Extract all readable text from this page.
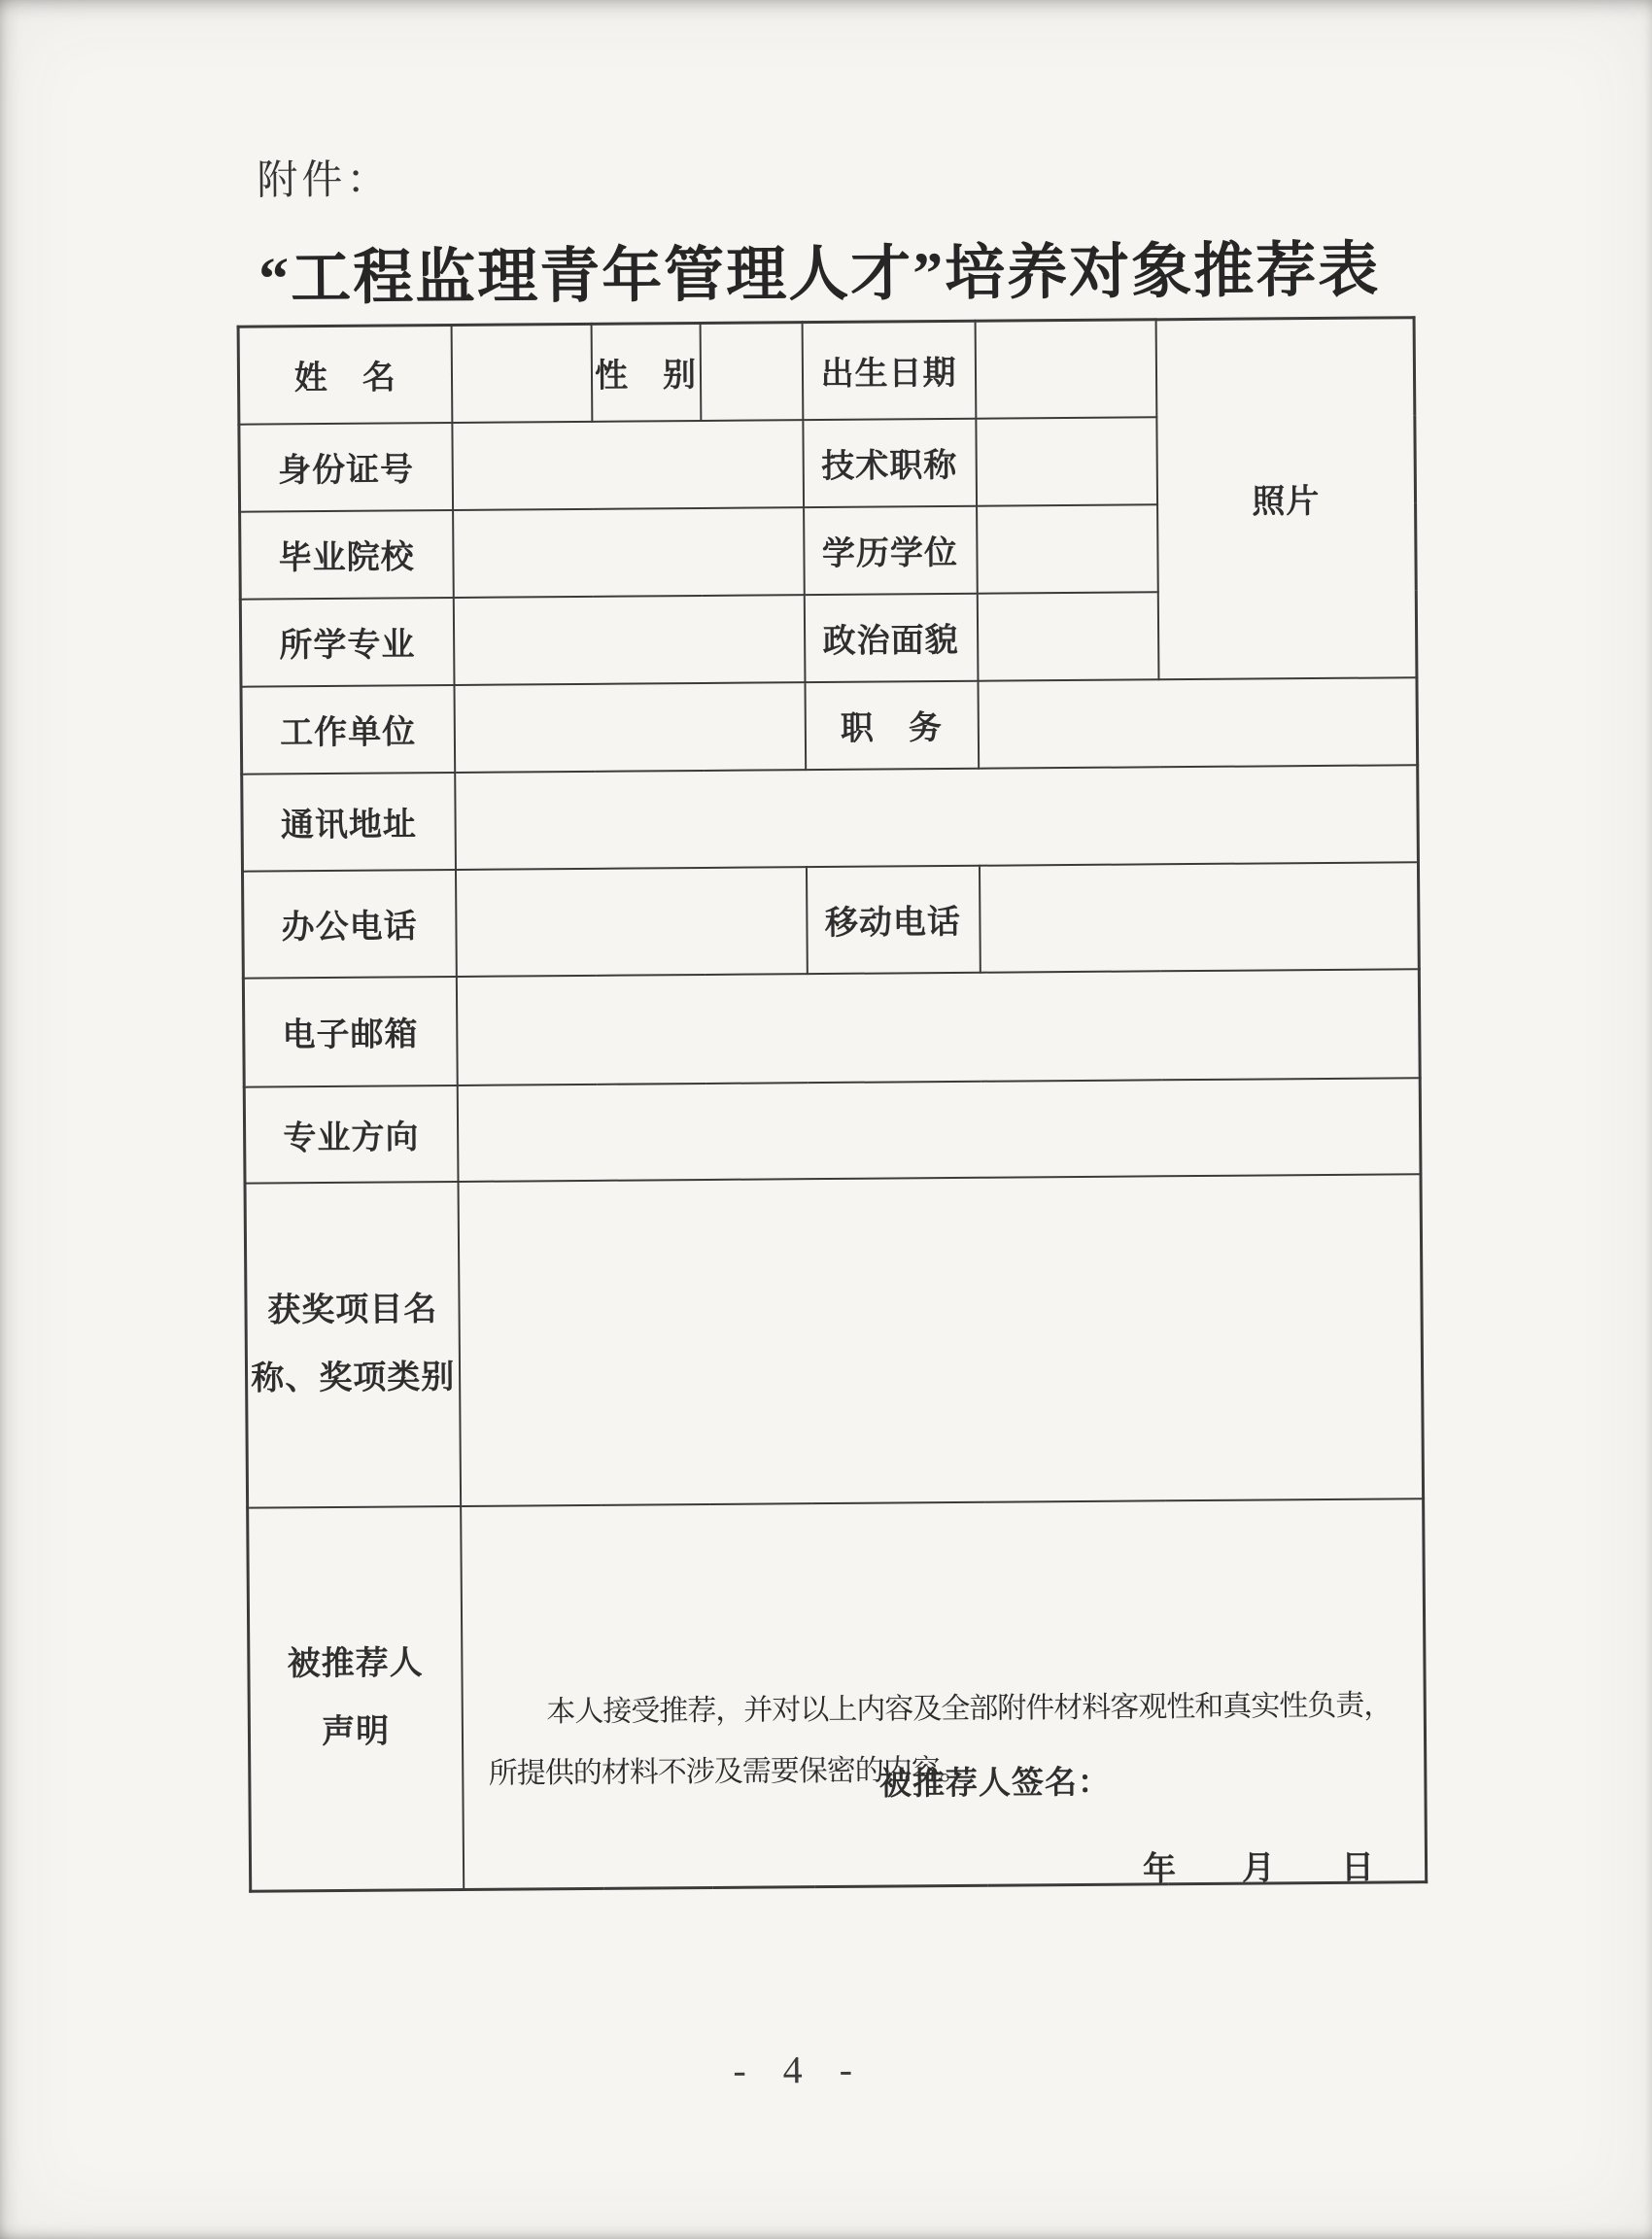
附件：
“工程监理青年管理人才”培养对象推荐表
姓　名		性　别		出生日期		照片
身份证号				技术职称		
毕业院校				学历学位		
所学专业				政治面貌		
工作单位				职　务		
通讯地址						
办公电话				移动电话		
电子邮箱						
专业方向						

获奖项目名
称、奖项类别						

被推荐人
声明

本人接受推荐，并对以上内容及全部附件材料客观性和真实性负责，所提供的材料不涉及需要保密的内容。

被推荐人签名：
年　　月　　日
- 4 -
